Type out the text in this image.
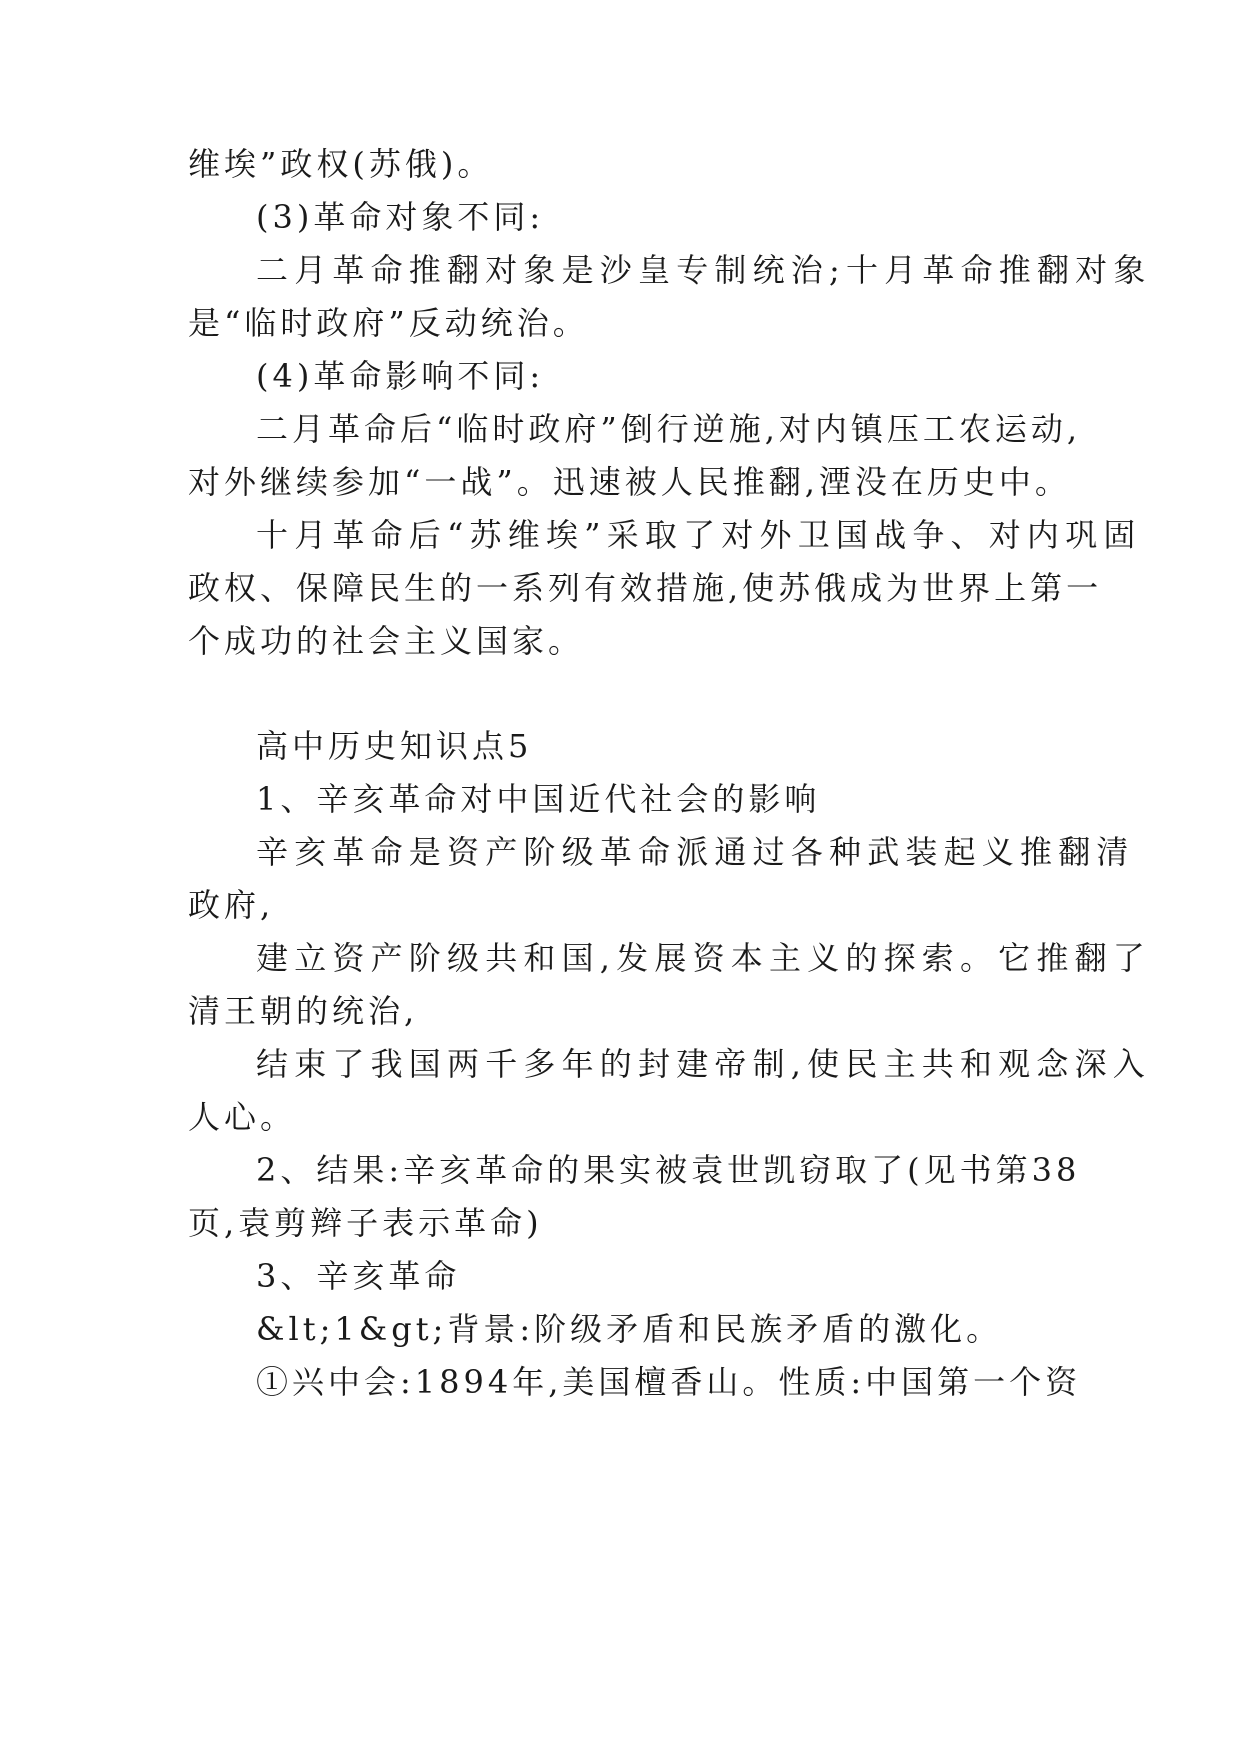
维埃”政权(苏俄)。
(3)革命对象不同:
二月革命推翻对象是沙皇专制统治;十月革命推翻对象
是“临时政府”反动统治。
(4)革命影响不同:
二月革命后“临时政府”倒行逆施,对内镇压工农运动,
对外继续参加“一战”。迅速被人民推翻,湮没在历史中。
十月革命后“苏维埃”采取了对外卫国战争、对内巩固
政权、保障民生的一系列有效措施,使苏俄成为世界上第一
个成功的社会主义国家。
高中历史知识点5
1、辛亥革命对中国近代社会的影响
辛亥革命是资产阶级革命派通过各种武装起义推翻清
政府,
建立资产阶级共和国,发展资本主义的探索。它推翻了
清王朝的统治,
结束了我国两千多年的封建帝制,使民主共和观念深入
人心。
2、结果:辛亥革命的果实被袁世凯窃取了(见书第38
页,袁剪辫子表示革命)
3、辛亥革命
&lt;1&gt;背景:阶级矛盾和民族矛盾的激化。
①兴中会:1894年,美国檀香山。性质:中国第一个资
